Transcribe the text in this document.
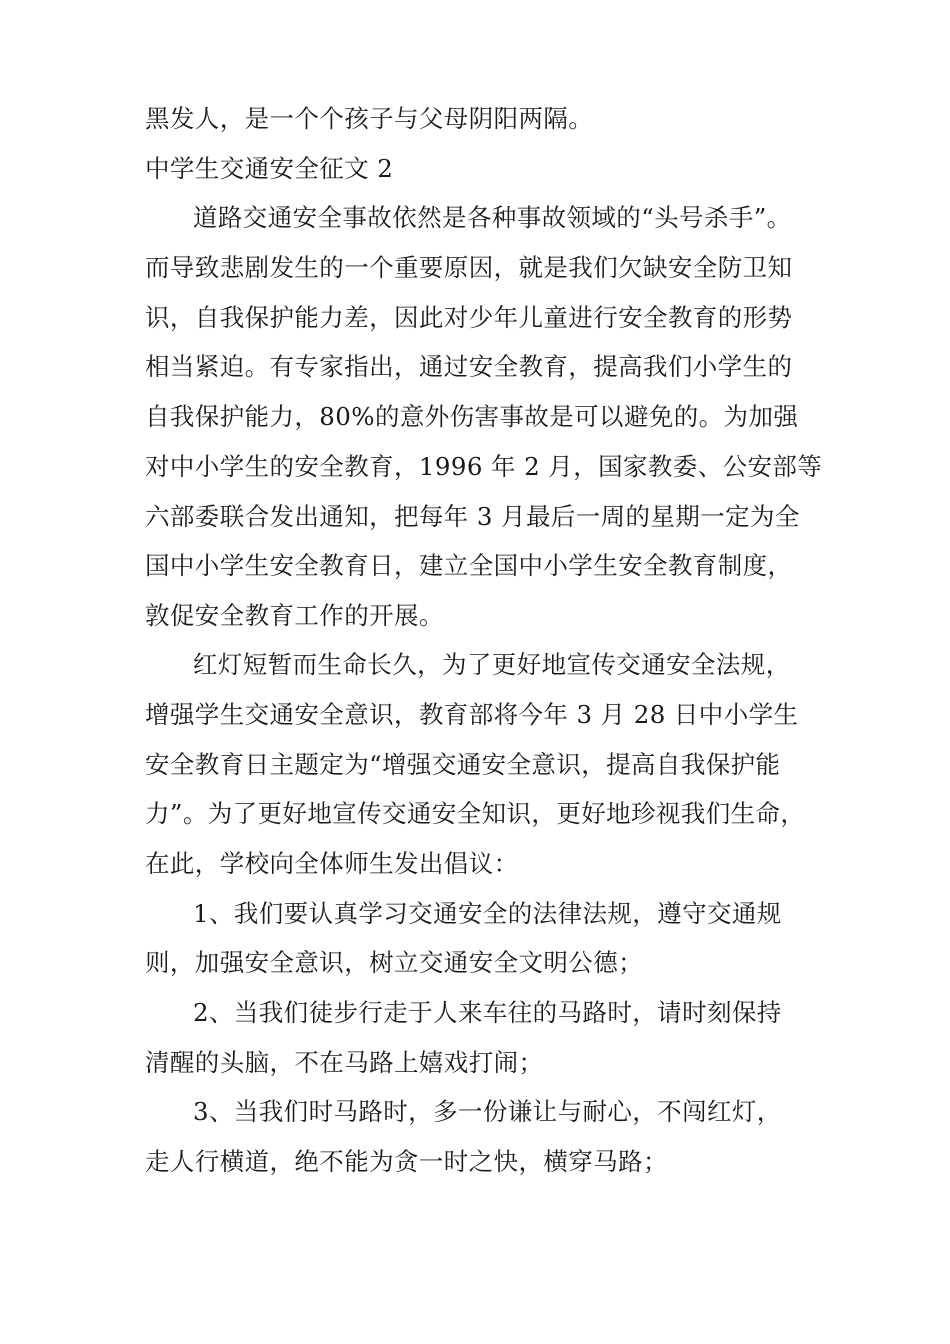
黑发人，是一个个孩子与父母阴阳两隔。
中学生交通安全征文 2
道路交通安全事故依然是各种事故领域的“头号杀手”。
而导致悲剧发生的一个重要原因，就是我们欠缺安全防卫知
识，自我保护能力差，因此对少年儿童进行安全教育的形势
相当紧迫。有专家指出，通过安全教育，提高我们小学生的
自我保护能力，80%的意外伤害事故是可以避免的。为加强
对中小学生的安全教育，1996 年 2 月，国家教委、公安部等
六部委联合发出通知，把每年 3 月最后一周的星期一定为全
国中小学生安全教育日，建立全国中小学生安全教育制度，
敦促安全教育工作的开展。
红灯短暂而生命长久，为了更好地宣传交通安全法规，
增强学生交通安全意识，教育部将今年 3 月 28 日中小学生
安全教育日主题定为“增强交通安全意识，提高自我保护能
力”。为了更好地宣传交通安全知识，更好地珍视我们生命，
在此，学校向全体师生发出倡议：
1、我们要认真学习交通安全的法律法规，遵守交通规
则，加强安全意识，树立交通安全文明公德；
2、当我们徒步行走于人来车往的马路时，请时刻保持
清醒的头脑，不在马路上嬉戏打闹；
3、当我们时马路时，多一份谦让与耐心，不闯红灯，
走人行横道，绝不能为贪一时之快，横穿马路；
